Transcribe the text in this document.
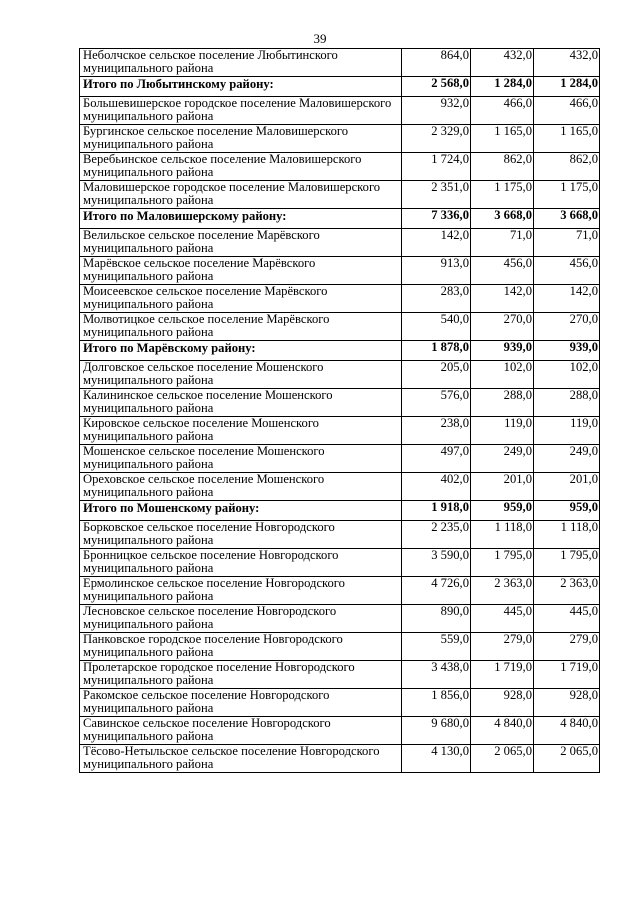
39
Неболчское сельское поселение Любытинского муниципального района	864,0	432,0	432,0
Итого по Любытинскому району:	2 568,0	1 284,0	1 284,0
Большевишерское городское поселение Маловишерского муниципального района	932,0	466,0	466,0
Бургинское сельское поселение Маловишерского муниципального района	2 329,0	1 165,0	1 165,0
Веребьинское сельское поселение Маловишерского муниципального района	1 724,0	862,0	862,0
Маловишерское городское поселение Маловишерского муниципального района	2 351,0	1 175,0	1 175,0
Итого по Маловишерскому району:	7 336,0	3 668,0	3 668,0
Велильское сельское поселение Марёвского муниципального района	142,0	71,0	71,0
Марёвское сельское поселение Марёвского муниципального района	913,0	456,0	456,0
Моисеевское сельское поселение Марёвского муниципального района	283,0	142,0	142,0
Молвотицкое сельское поселение Марёвского муниципального района	540,0	270,0	270,0
Итого по Марёвскому району:	1 878,0	939,0	939,0
Долговское сельское поселение Мошенского муниципального района	205,0	102,0	102,0
Калининское сельское поселение Мошенского муниципального района	576,0	288,0	288,0
Кировское сельское поселение Мошенского муниципального района	238,0	119,0	119,0
Мошенское сельское поселение Мошенского муниципального района	497,0	249,0	249,0
Ореховское сельское поселение Мошенского муниципального района	402,0	201,0	201,0
Итого по Мошенскому району:	1 918,0	959,0	959,0
Борковское сельское поселение Новгородского муниципального района	2 235,0	1 118,0	1 118,0
Бронницкое сельское поселение Новгородского муниципального района	3 590,0	1 795,0	1 795,0
Ермолинское сельское поселение Новгородского муниципального района	4 726,0	2 363,0	2 363,0
Лесновское сельское поселение Новгородского муниципального района	890,0	445,0	445,0
Панковское городское поселение Новгородского муниципального района	559,0	279,0	279,0
Пролетарское городское поселение Новгородского муниципального района	3 438,0	1 719,0	1 719,0
Ракомское сельское поселение Новгородского муниципального района	1 856,0	928,0	928,0
Савинское сельское поселение Новгородского муниципального района	9 680,0	4 840,0	4 840,0
Тёсово-Нетыльское сельское поселение Новгородского муниципального района	4 130,0	2 065,0	2 065,0
